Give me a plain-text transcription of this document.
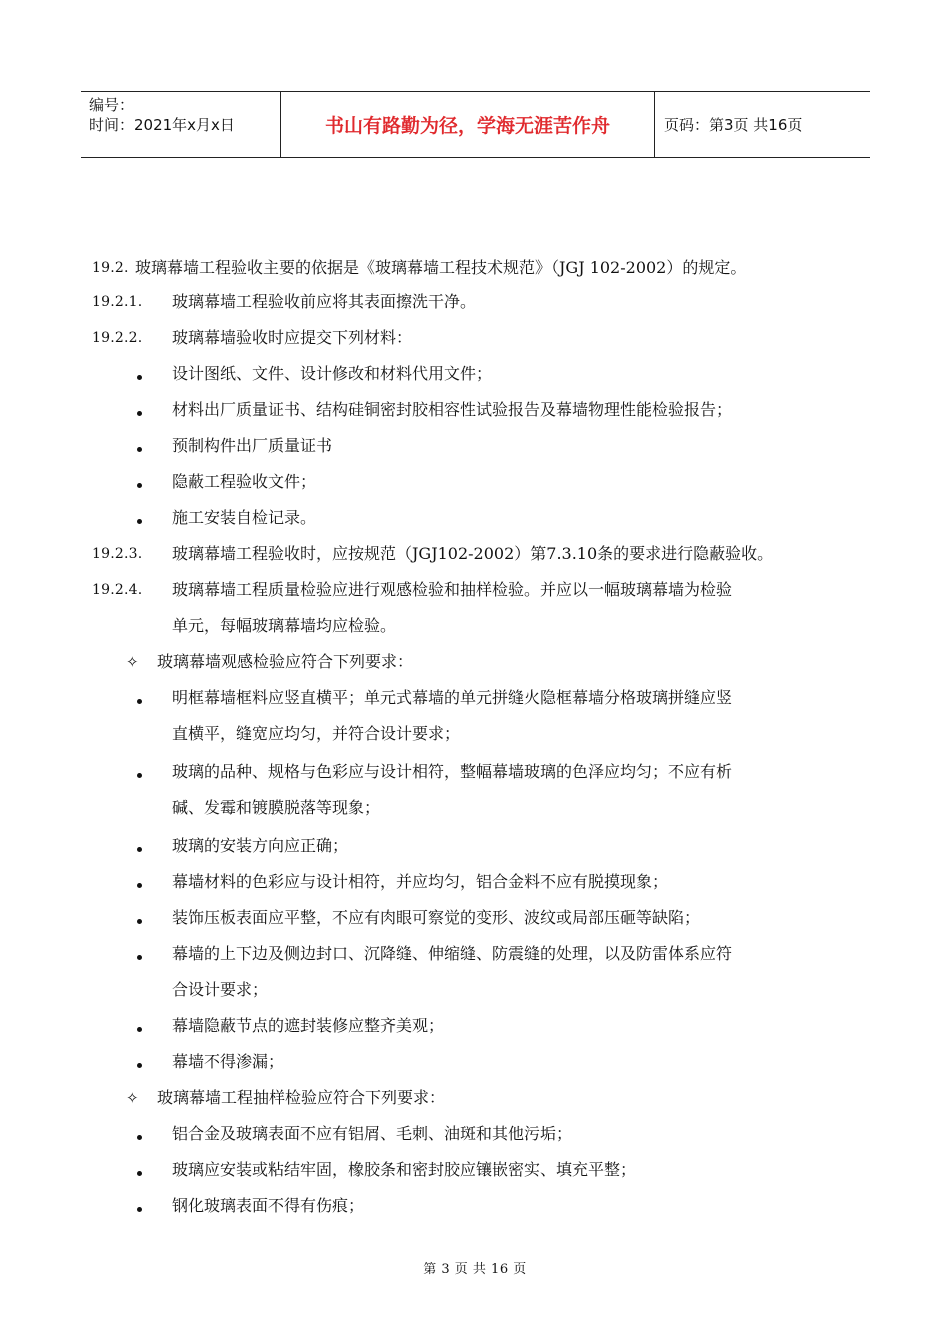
编号：
时间：2021年x月x日	书山有路勤为径，学海无涯苦作舟	页码：第3页 共16页
19.2. 玻璃幕墙工程验收主要的依据是《玻璃幕墙工程技术规范》（JGJ 102-2002）的规定。
19.2.1. 玻璃幕墙工程验收前应将其表面擦洗干净。
19.2.2. 玻璃幕墙验收时应提交下列材料：
设计图纸、文件、设计修改和材料代用文件；
材料出厂质量证书、结构硅铜密封胶相容性试验报告及幕墙物理性能检验报告；
预制构件出厂质量证书
隐蔽工程验收文件；
施工安装自检记录。
19.2.3. 玻璃幕墙工程验收时，应按规范（JGJ102-2002）第7.3.10条的要求进行隐蔽验收。
19.2.4. 玻璃幕墙工程质量检验应进行观感检验和抽样检验。并应以一幅玻璃幕墙为检验
单元，每幅玻璃幕墙均应检验。
✧ 玻璃幕墙观感检验应符合下列要求：
明框幕墙框料应竖直横平；单元式幕墙的单元拼缝火隐框幕墙分格玻璃拼缝应竖
直横平，缝宽应均匀，并符合设计要求；
玻璃的品种、规格与色彩应与设计相符，整幅幕墙玻璃的色泽应均匀；不应有析
碱、发霉和镀膜脱落等现象；
玻璃的安装方向应正确；
幕墙材料的色彩应与设计相符，并应均匀，铝合金料不应有脱摸现象；
装饰压板表面应平整，不应有肉眼可察觉的变形、波纹或局部压砸等缺陷；
幕墙的上下边及侧边封口、沉降缝、伸缩缝、防震缝的处理，以及防雷体系应符
合设计要求；
幕墙隐蔽节点的遮封装修应整齐美观；
幕墙不得渗漏；
✧ 玻璃幕墙工程抽样检验应符合下列要求：
铝合金及玻璃表面不应有铝屑、毛刺、油斑和其他污垢；
玻璃应安装或粘结牢固，橡胶条和密封胶应镶嵌密实、填充平整；
钢化玻璃表面不得有伤痕；
第 3 页 共 16 页
